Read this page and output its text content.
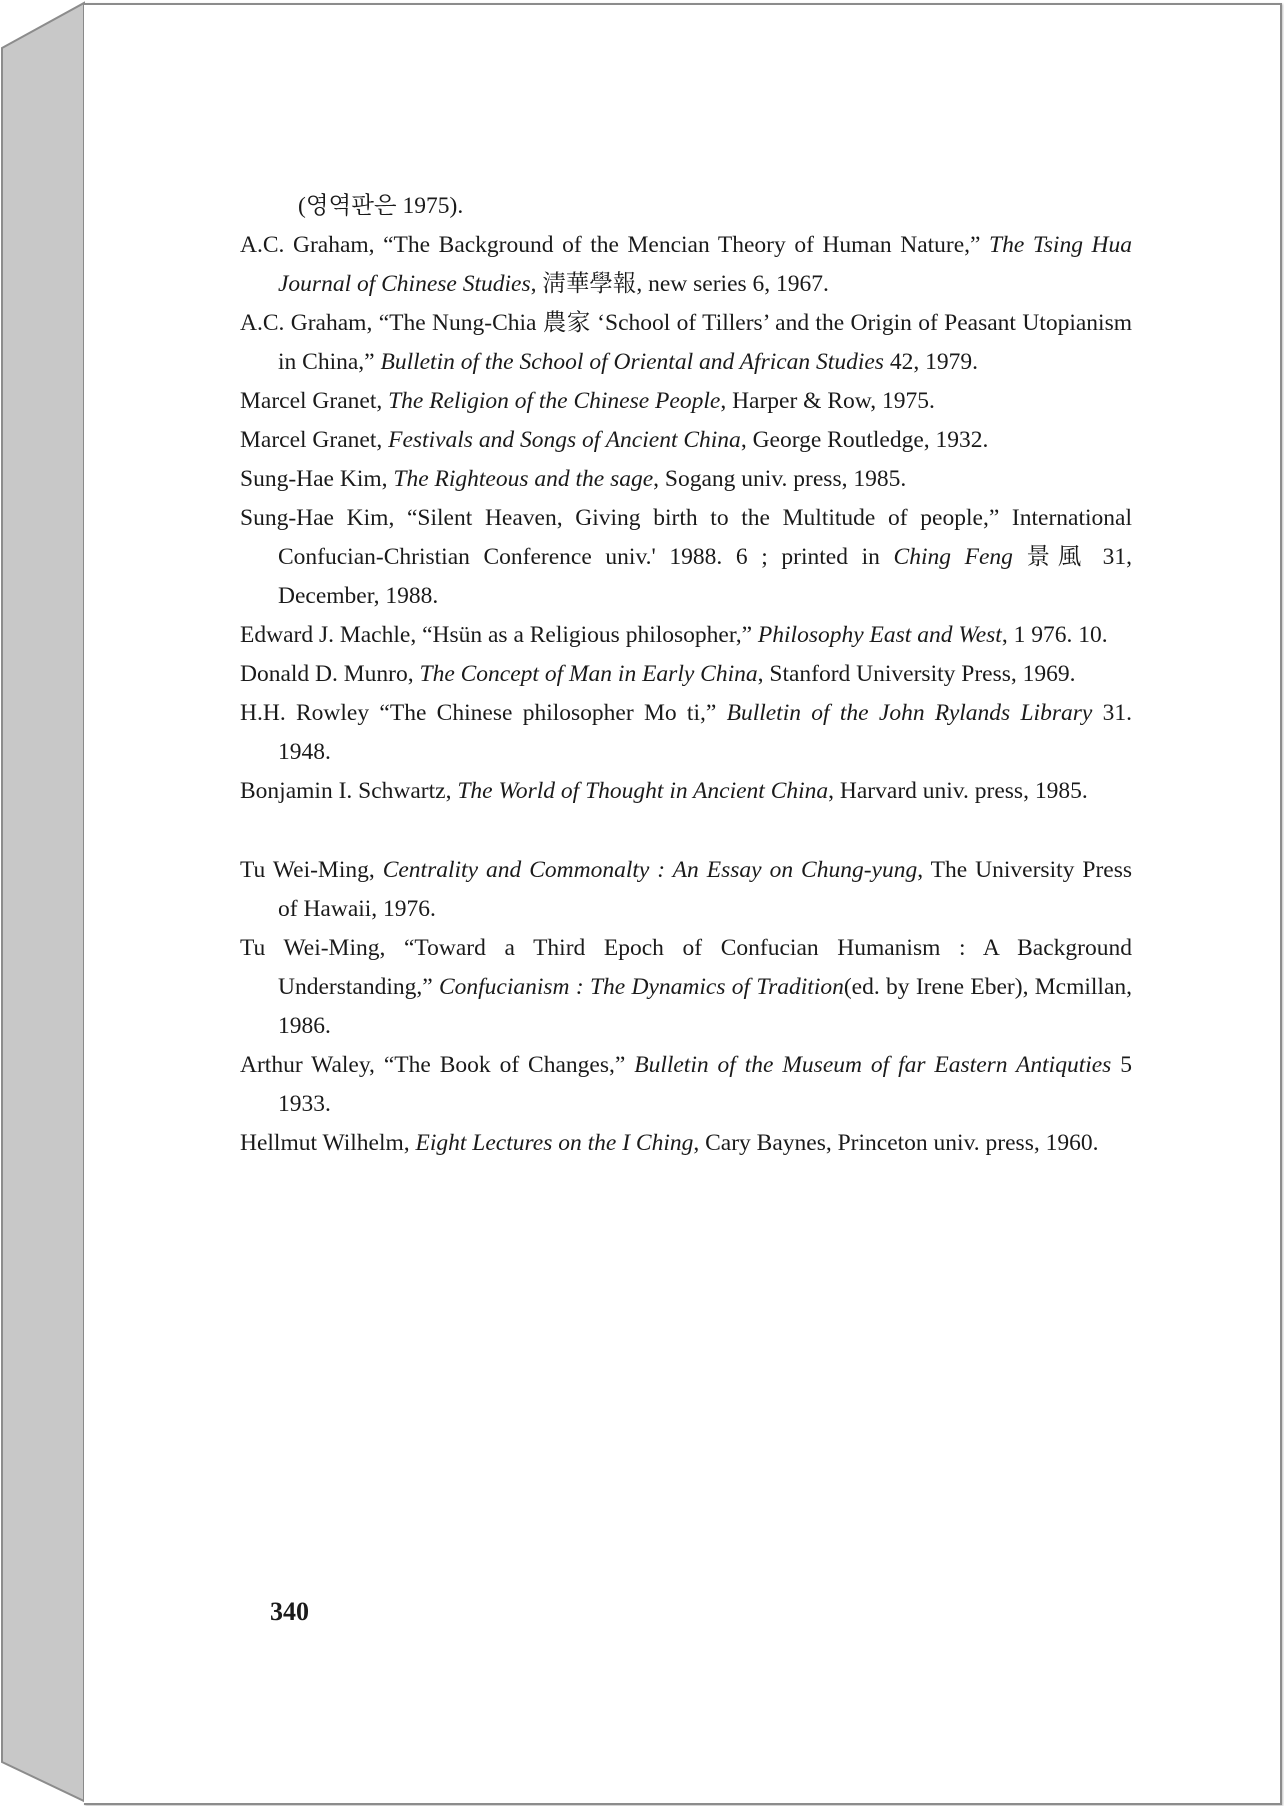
(영역판은 1975).
A.C. Graham, “The Background of the Mencian Theory of Human Nature,” The Tsing Hua Journal of Chinese Studies, 淸華學報, new series 6, 1967.
A.C. Graham, “The Nung-Chia 農家 ‘School of Tillers’ and the Origin of Peasant Utopianism in China,” Bulletin of the School of Oriental and African Studies 42, 1979.
Marcel Granet, The Religion of the Chinese People, Harper & Row, 1975.
Marcel Granet, Festivals and Songs of Ancient China, George Routledge, 1932.
Sung-Hae Kim, The Righteous and the sage, Sogang univ. press, 1985.
Sung-Hae Kim, “Silent Heaven, Giving birth to the Multitude of people,” International Confucian-Christian Conference univ.' 1988. 6 ; printed in Ching Feng 景風 31, December, 1988.
Edward J. Machle, “Hsün as a Religious philosopher,” Philosophy East and West, 1 976. 10.
Donald D. Munro, The Concept of Man in Early China, Stanford University Press, 1969.
H.H. Rowley “The Chinese philosopher Mo ti,” Bulletin of the John Rylands Library 31. 1948.
Bonjamin I. Schwartz, The World of Thought in Ancient China, Harvard univ. press, 1985.
Tu Wei-Ming, Centrality and Commonalty : An Essay on Chung-yung, The University Press of Hawaii, 1976.
Tu Wei-Ming, “Toward a Third Epoch of Confucian Humanism : A Background Understanding,” Confucianism : The Dynamics of Tradition(ed. by Irene Eber), Mcmillan, 1986.
Arthur Waley, “The Book of Changes,” Bulletin of the Museum of far Eastern Antiquties 5 1933.
Hellmut Wilhelm, Eight Lectures on the I Ching, Cary Baynes, Princeton univ. press, 1960.
340
